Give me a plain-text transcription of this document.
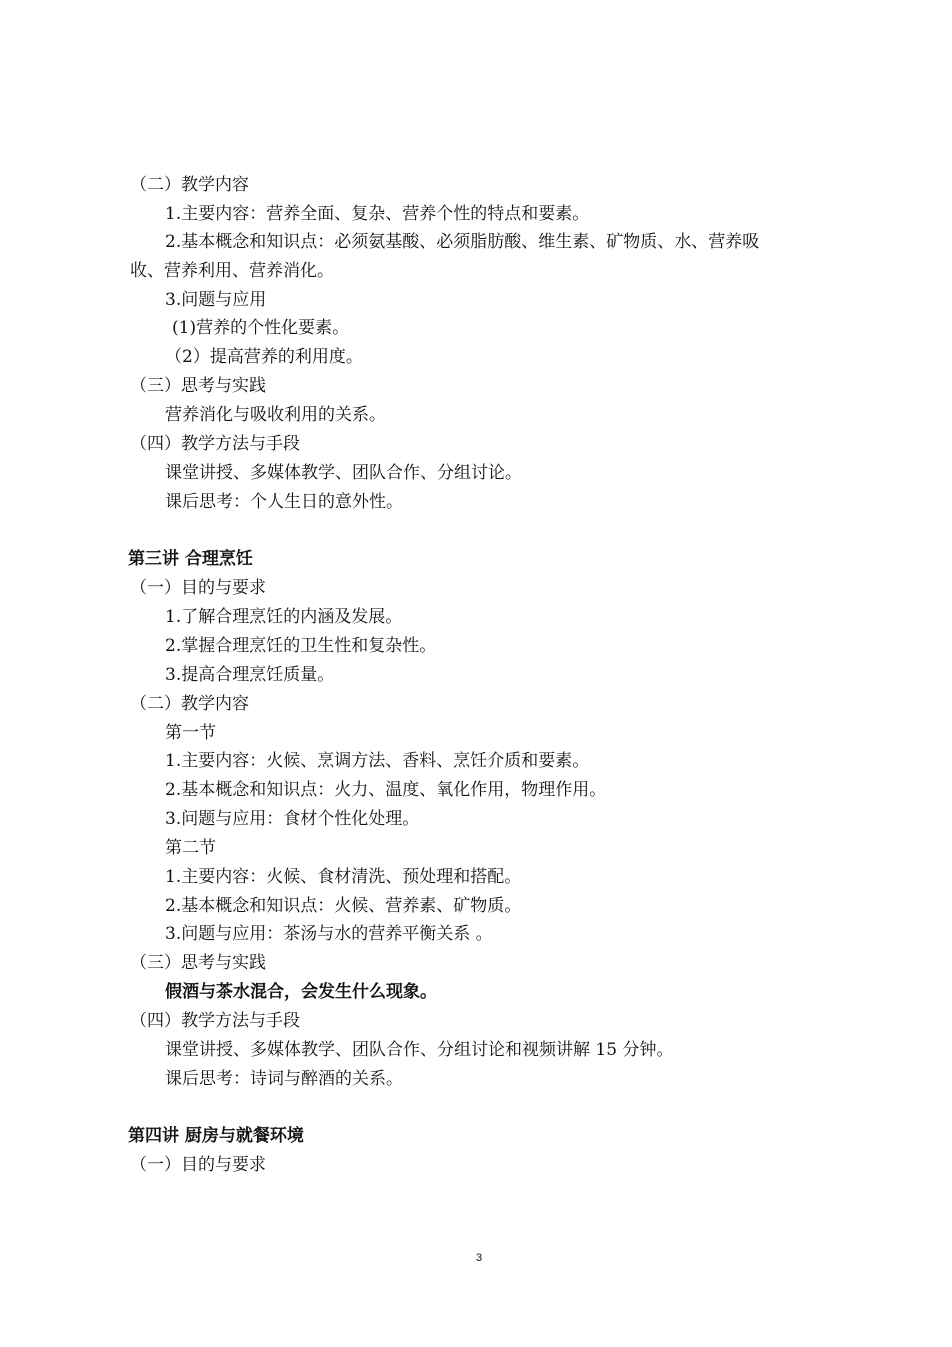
（二）教学内容
1.主要内容：营养全面、复杂、营养个性的特点和要素。
2.基本概念和知识点：必须氨基酸、必须脂肪酸、维生素、矿物质、水、营养吸
收、营养利用、营养消化。
3.问题与应用
(1)营养的个性化要素。
（2）提高营养的利用度。
（三）思考与实践
营养消化与吸收利用的关系。
（四）教学方法与手段
课堂讲授、多媒体教学、团队合作、分组讨论。
课后思考：个人生日的意外性。
第三讲 合理烹饪
（一）目的与要求
1.了解合理烹饪的内涵及发展。
2.掌握合理烹饪的卫生性和复杂性。
3.提高合理烹饪质量。
（二）教学内容
第一节
1.主要内容：火候、烹调方法、香料、烹饪介质和要素。
2.基本概念和知识点：火力、温度、氧化作用，物理作用。
3.问题与应用：食材个性化处理。
第二节
1.主要内容：火候、食材清洗、预处理和搭配。
2.基本概念和知识点：火候、营养素、矿物质。
3.问题与应用：茶汤与水的营养平衡关系 。
（三）思考与实践
假酒与茶水混合，会发生什么现象。
（四）教学方法与手段
课堂讲授、多媒体教学、团队合作、分组讨论和视频讲解 15 分钟。
课后思考：诗词与醉酒的关系。
第四讲 厨房与就餐环境
（一）目的与要求
3
